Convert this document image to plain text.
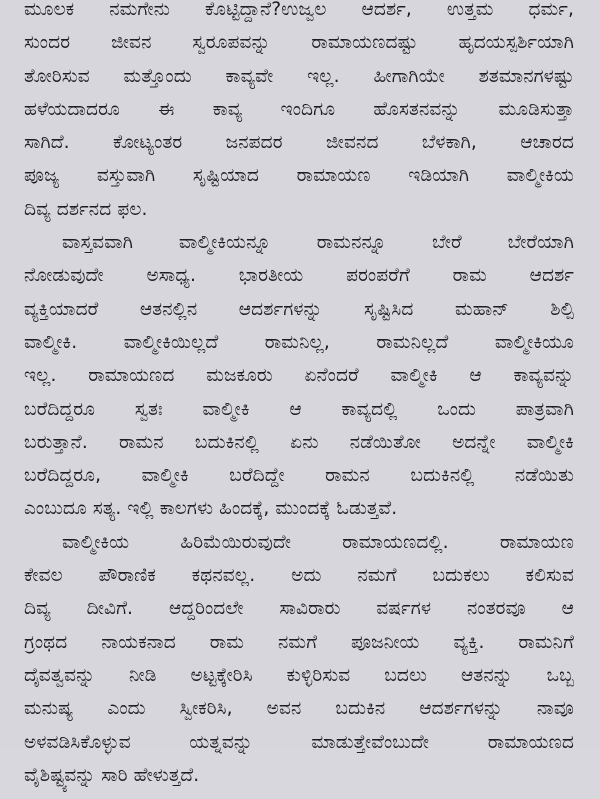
ಮೂಲಕ ನಮಗೇನು ಕೊಟ್ಟಿದ್ದಾನೆ?ಉಜ್ವಲ ಆದರ್ಶ, ಉತ್ತಮ ಧರ್ಮ,
ಸುಂದರ ಜೀವನ ಸ್ವರೂಪವನ್ನು ರಾಮಾಯಣದಷ್ಟು ಹೃದಯಸ್ಪರ್ಶಿಯಾಗಿ
ತೋರಿಸುವ ಮತ್ತೊಂದು ಕಾವ್ಯವೇ ಇಲ್ಲ. ಹೀಗಾಗಿಯೇ ಶತಮಾನಗಳಷ್ಟು
ಹಳೆಯದಾದರೂ ಈ ಕಾವ್ಯ ಇಂದಿಗೂ ಹೊಸತನವನ್ನು ಮೂಡಿಸುತ್ತಾ
ಸಾಗಿದೆ. ಕೋಟ್ಯಂತರ ಜನಪದರ ಜೀವನದ ಬೆಳಕಾಗಿ, ಆಚಾರದ
ಪೂಜ್ಯ ವಸ್ತುವಾಗಿ ಸೃಷ್ಟಿಯಾದ ರಾಮಾಯಣ ಇಡಿಯಾಗಿ ವಾಲ್ಮೀಕಿಯ
ದಿವ್ಯ ದರ್ಶನದ ಫಲ.
ವಾಸ್ತವವಾಗಿ ವಾಲ್ಮೀಕಿಯನ್ನೂ ರಾಮನನ್ನೂ ಬೇರೆ ಬೇರೆಯಾಗಿ
ನೋಡುವುದೇ ಅಸಾಧ್ಯ. ಭಾರತೀಯ ಪರಂಪರೆಗೆ ರಾಮ ಆದರ್ಶ
ವ್ಯಕ್ತಿಯಾದರೆ ಆತನಲ್ಲಿನ ಆದರ್ಶಗಳನ್ನು ಸೃಷ್ಟಿಸಿದ ಮಹಾನ್ ಶಿಲ್ಪಿ
ವಾಲ್ಮೀಕಿ. ವಾಲ್ಮೀಕಿಯಿಲ್ಲದೆ ರಾಮನಿಲ್ಲ, ರಾಮನಿಲ್ಲದೆ ವಾಲ್ಮೀಕಿಯೂ
ಇಲ್ಲ. ರಾಮಾಯಣದ ಮಜಕೂರು ಏನೆಂದರೆ ವಾಲ್ಮೀಕಿ ಆ ಕಾವ್ಯವನ್ನು
ಬರೆದಿದ್ದರೂ ಸ್ವತಃ ವಾಲ್ಮೀಕಿ ಆ ಕಾವ್ಯದಲ್ಲಿ ಒಂದು ಪಾತ್ರವಾಗಿ
ಬರುತ್ತಾನೆ. ರಾಮನ ಬದುಕಿನಲ್ಲಿ ಏನು ನಡೆಯಿತೋ ಅದನ್ನೇ ವಾಲ್ಮೀಕಿ
ಬರೆದಿದ್ದರೂ, ವಾಲ್ಮೀಕಿ ಬರೆದಿದ್ದೇ ರಾಮನ ಬದುಕಿನಲ್ಲಿ ನಡೆಯಿತು
ಎಂಬುದೂ ಸತ್ಯ. ಇಲ್ಲಿ ಕಾಲಗಳು ಹಿಂದಕ್ಕೆ, ಮುಂದಕ್ಕೆ ಓಡುತ್ತವೆ.
ವಾಲ್ಮೀಕಿಯ ಹಿರಿಮೆಯಿರುವುದೇ ರಾಮಾಯಣದಲ್ಲಿ. ರಾಮಾಯಣ
ಕೇವಲ ಪೌರಾಣಿಕ ಕಥನವಲ್ಲ. ಅದು ನಮಗೆ ಬದುಕಲು ಕಲಿಸುವ
ದಿವ್ಯ ದೀವಿಗೆ. ಆದ್ದರಿಂದಲೇ ಸಾವಿರಾರು ವರ್ಷಗಳ ನಂತರವೂ ಆ
ಗ್ರಂಥದ ನಾಯಕನಾದ ರಾಮ ನಮಗೆ ಪೂಜನೀಯ ವ್ಯಕ್ತಿ. ರಾಮನಿಗೆ
ದೈವತ್ವವನ್ನು ನೀಡಿ ಅಟ್ಟಕ್ಕೇರಿಸಿ ಕುಳ್ಳಿರಿಸುವ ಬದಲು ಆತನನ್ನು ಒಬ್ಬ
ಮನುಷ್ಯ ಎಂದು ಸ್ವೀಕರಿಸಿ, ಅವನ ಬದುಕಿನ ಆದರ್ಶಗಳನ್ನು ನಾವೂ
ಅಳವಡಿಸಿಕೊಳ್ಳುವ ಯತ್ನವನ್ನು ಮಾಡುತ್ತೇವೆಂಬುದೇ ರಾಮಾಯಣದ
ವೈಶಿಷ್ಟ್ಯವನ್ನು ಸಾರಿ ಹೇಳುತ್ತದೆ.
